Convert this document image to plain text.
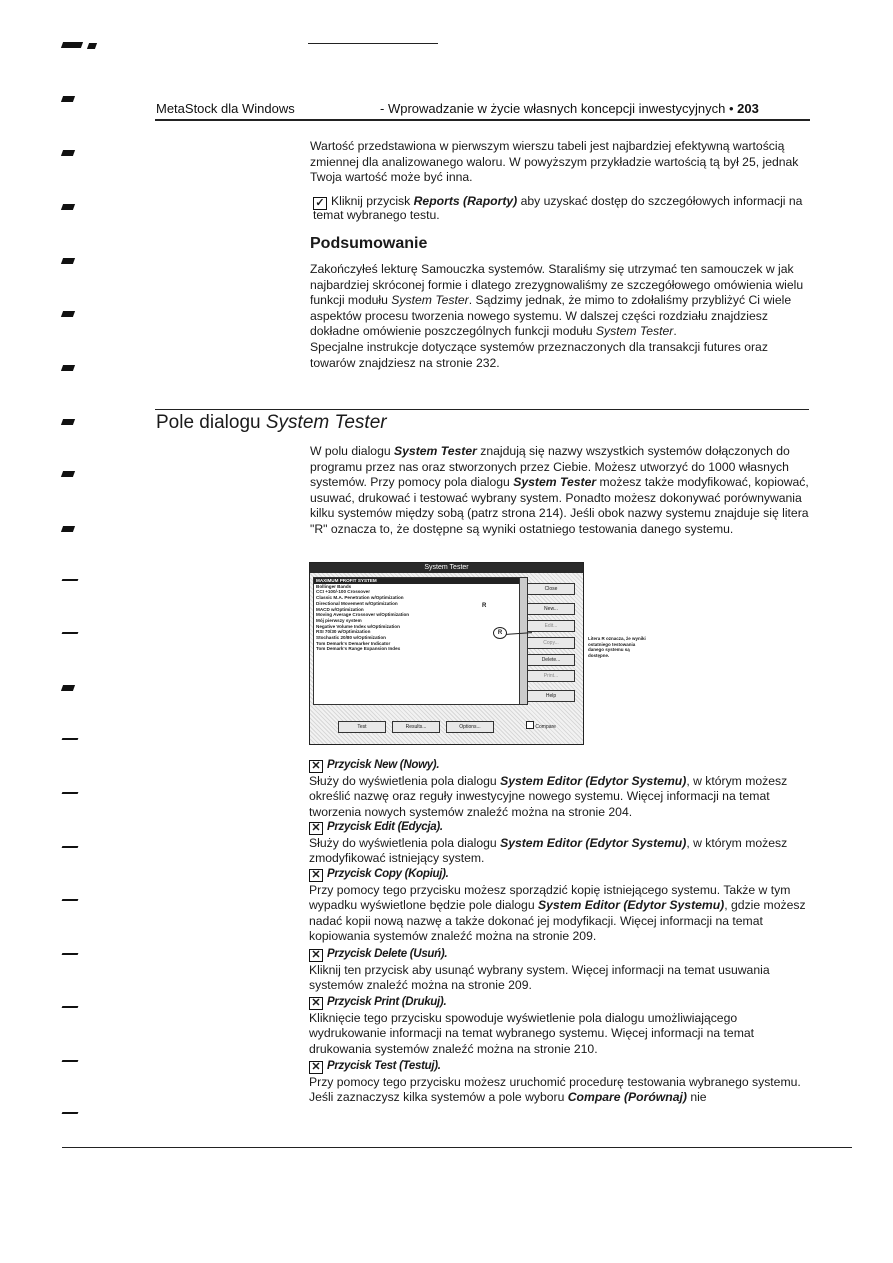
MetaStock dla Windows	- Wprowadzanie w życie własnych koncepcji inwestycyjnych • 203

Wartość przedstawiona w pierwszym wierszu tabeli jest najbardziej efektywną wartością zmiennej dla analizowanego waloru. W powyższym przykładzie wartością tą był 25, jednak Twoja wartość może być inna.

✓ Kliknij przycisk Reports (Raporty) aby uzyskać dostęp do szczegółowych informacji na temat wybranego testu.
Podsumowanie

Zakończyłeś lekturę Samouczka systemów. Staraliśmy się utrzymać ten samouczek w jak najbardziej skróconej formie i dlatego zrezygnowaliśmy ze szczegółowego omówienia wielu funkcji modułu System Tester. Sądzimy jednak, że mimo to zdołaliśmy przybliżyć Ci wiele aspektów procesu tworzenia nowego systemu. W dalszej części rozdziału znajdziesz dokładne omówienie poszczególnych funkcji modułu System Tester.

Specjalne instrukcje dotyczące systemów przeznaczonych dla transakcji futures oraz towarów znajdziesz na stronie 232.

Pole dialogu System Tester

W polu dialogu System Tester znajdują się nazwy wszystkich systemów dołączonych do programu przez nas oraz stworzonych przez Ciebie. Możesz utworzyć do 1000 własnych systemów. Przy pomocy pola dialogu System Tester możesz także modyfikować, kopiować, usuwać, drukować i testować wybrany system. Ponadto możesz dokonywać porównywania kilku systemów między sobą (patrz strona 214). Jeśli obok nazwy systemu znajduje się litera "R" oznacza to, że dostępne są wyniki ostatniego testowania danego systemu.

System Tester
MAXIMUM PROFIT SYSTEM
Bollinger Bands
CCI +100/-100 Crossover
Classic M.A. Penetration w/Optimization
Directional Movement w/Optimization
MACD w/Optimization
Moving Average Crossover w/Optimization
Mój pierwszy system
Negative Volume Index w/Optimization
RSI 70/30 w/Optimization
Stochastic 20/80 w/Optimization
Tom Demark's Demarker Indicator
Tom Demark's Range Expansion Index
R
R
Close
New...
Edit...
Copy...
Delete...
Print...
Help
Test	Results...	Options...	Compare
Litera R oznacza, że wyniki ostatniego testowania danego systemu są dostępne.
✕ Przycisk New (Nowy).
Służy do wyświetlenia pola dialogu System Editor (Edytor Systemu), w którym możesz określić nazwę oraz reguły inwestycyjne nowego systemu. Więcej informacji na temat tworzenia nowych systemów znaleźć można na stronie 204.
✕ Przycisk Edit (Edycja).
Służy do wyświetlenia pola dialogu System Editor (Edytor Systemu), w którym możesz zmodyfikować istniejący system.
✕ Przycisk Copy (Kopiuj).
Przy pomocy tego przycisku możesz sporządzić kopię istniejącego systemu. Także w tym wypadku wyświetlone będzie pole dialogu System Editor (Edytor Systemu), gdzie możesz nadać kopii nową nazwę a także dokonać jej modyfikacji. Więcej informacji na temat kopiowania systemów znaleźć można na stronie 209.
✕ Przycisk Delete (Usuń).
Kliknij ten przycisk aby usunąć wybrany system. Więcej informacji na temat usuwania systemów znaleźć można na stronie 209.
✕ Przycisk Print (Drukuj).
Kliknięcie tego przycisku spowoduje wyświetlenie pola dialogu umożliwiającego wydrukowanie informacji na temat wybranego systemu. Więcej informacji na temat drukowania systemów znaleźć można na stronie 210.
✕ Przycisk Test (Testuj).
Przy pomocy tego przycisku możesz uruchomić procedurę testowania wybranego systemu. Jeśli zaznaczysz kilka systemów a pole wyboru Compare (Porównaj) nie
